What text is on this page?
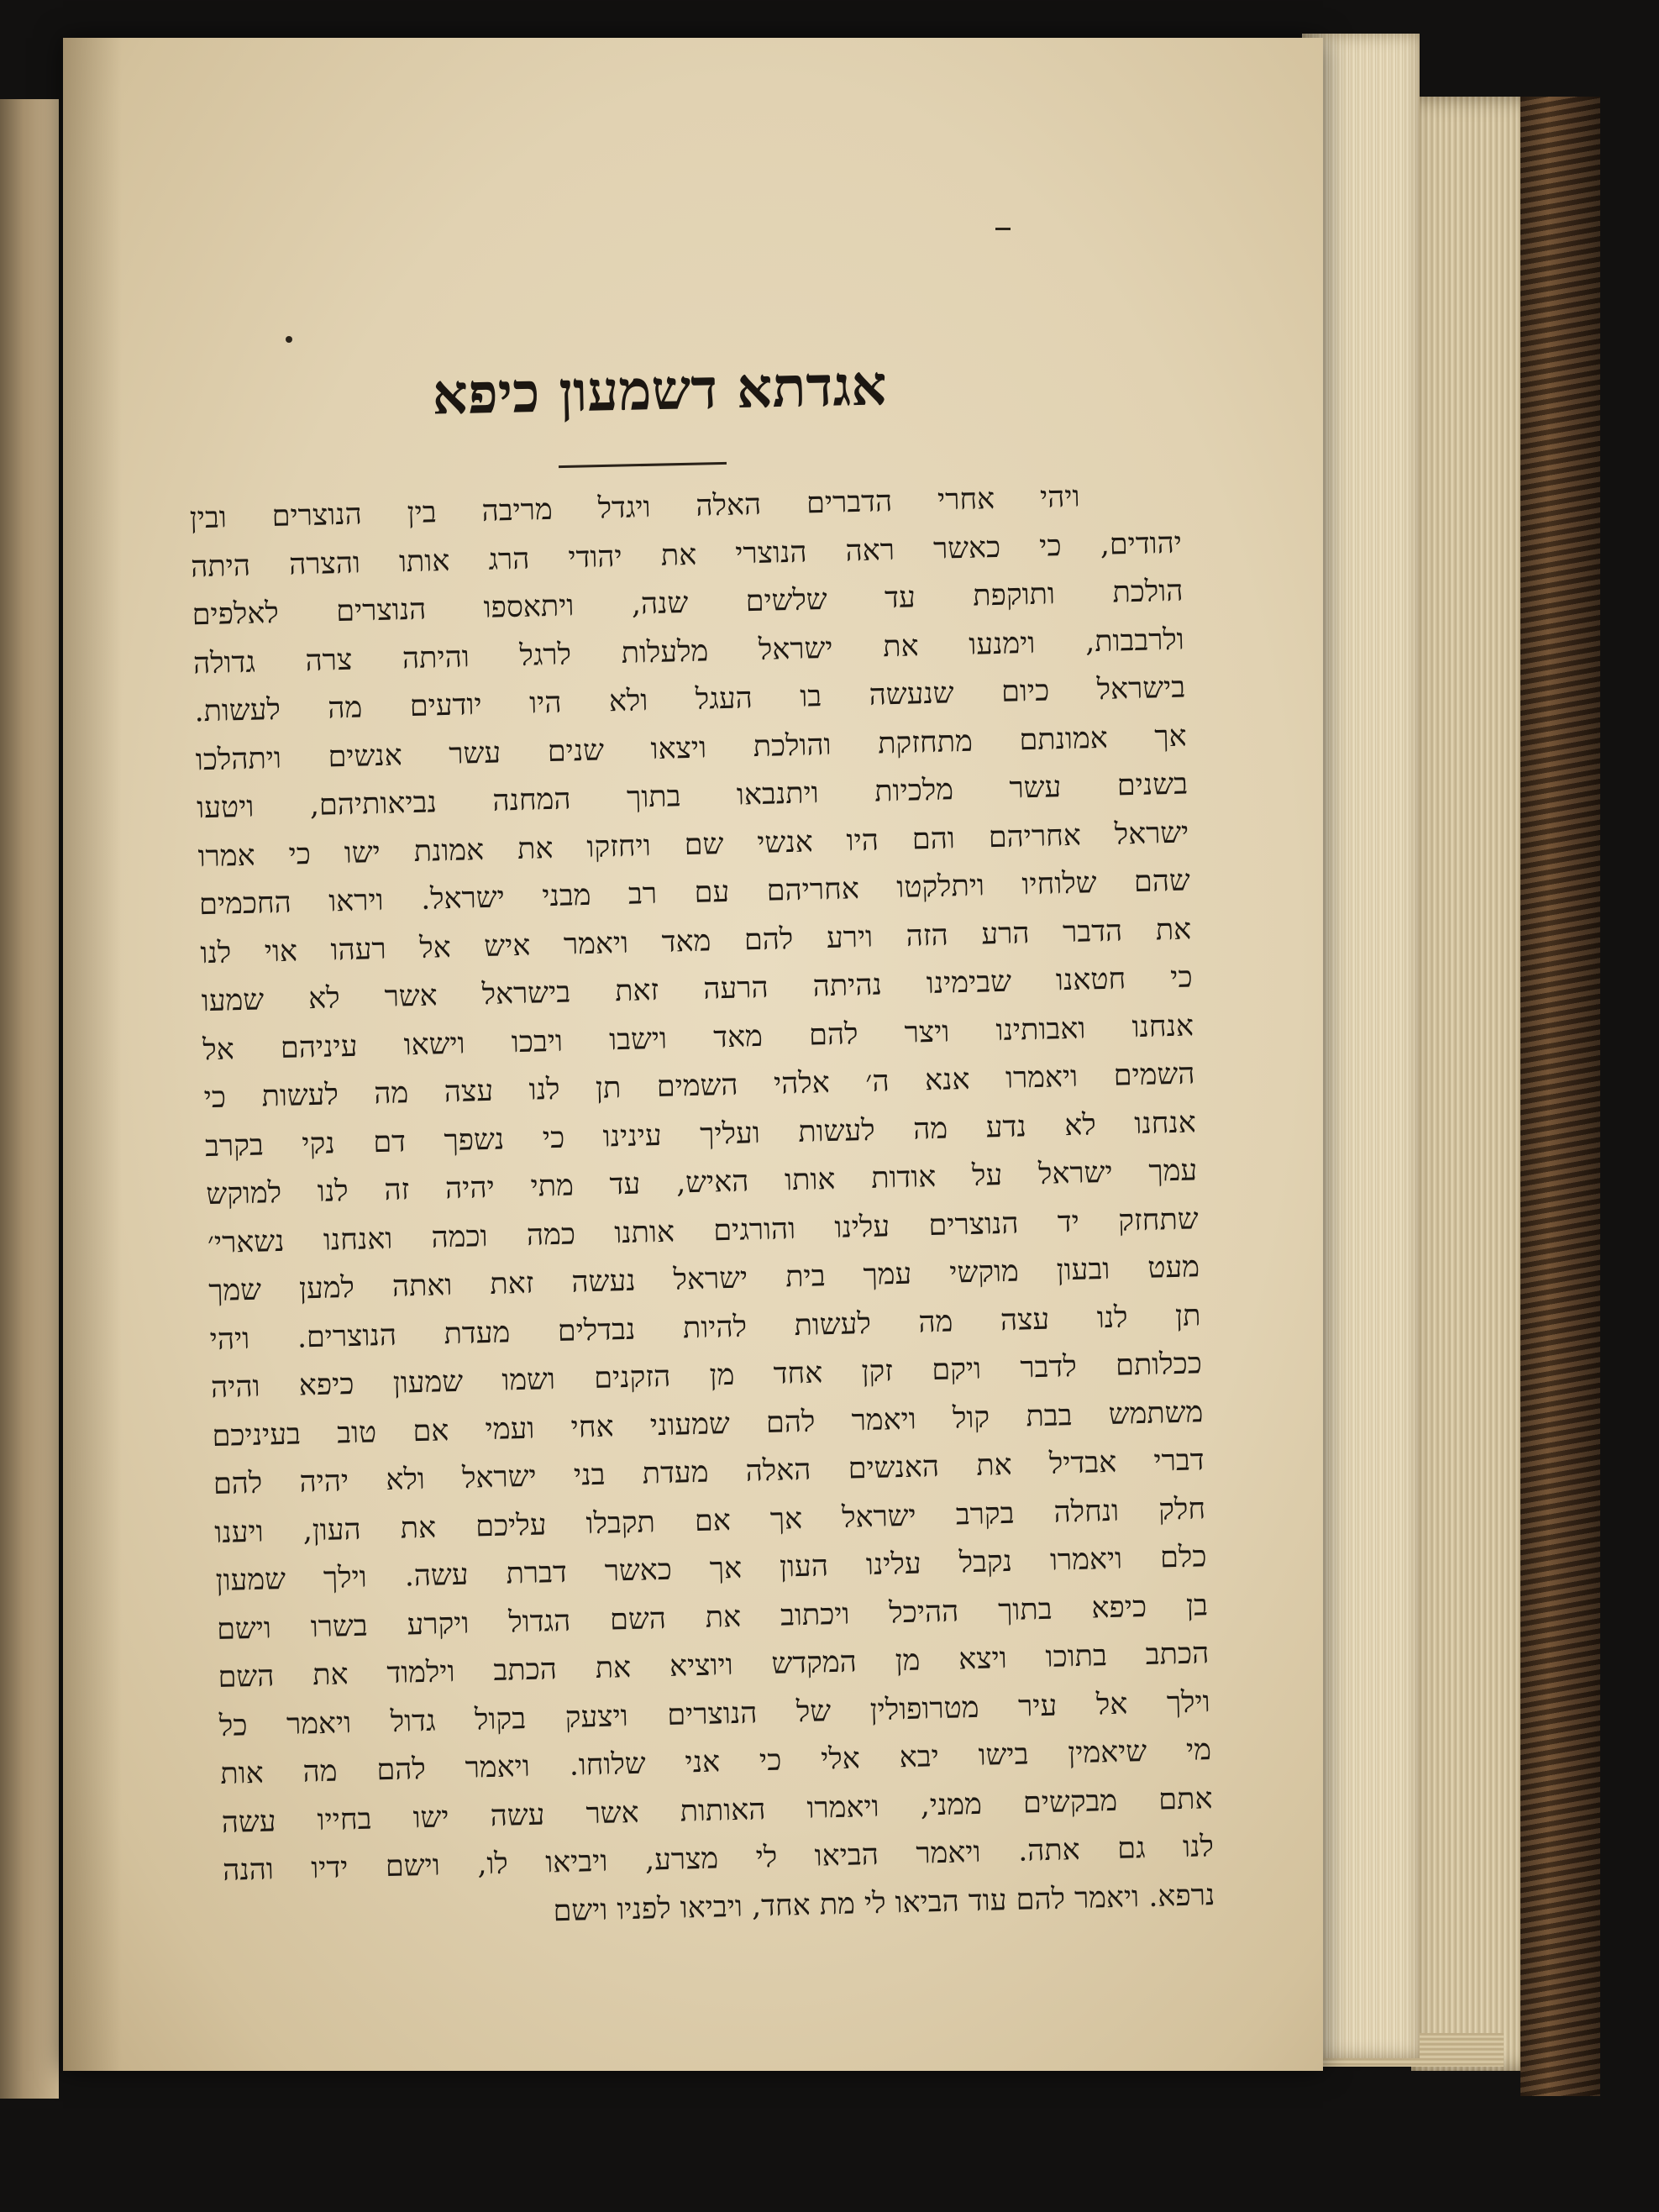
אגדתא דשמעון כיפא
ויהי אחרי הדברים האלה ויגדל מריבה בין הנוצרים ובין
יהודים, כי כאשר ראה הנוצרי את יהודי הרג אותו והצרה היתה
הולכת ותוקפת עד שלשים שנה, ויתאספו הנוצרים לאלפים
ולרבבות, וימנעו את ישראל מלעלות לרגל והיתה צרה גדולה
בישראל כיום שנעשה בו העגל ולא היו יודעים מה לעשות.
אך אמונתם מתחזקת והולכת ויצאו שנים עשר אנשים ויתהלכו
בשנים עשר מלכיות ויתנבאו בתוך המחנה נביאותיהם, ויטעו
ישראל אחריהם והם היו אנשי שם ויחזקו את אמונת ישו כי אמרו
שהם שלוחיו ויתלקטו אחריהם עם רב מבני ישראל. ויראו החכמים
את הדבר הרע הזה וירע להם מאד ויאמר איש אל רעהו אוי לנו
כי חטאנו שבימינו נהיתה הרעה זאת בישראל אשר לא שמעו
אנחנו ואבותינו ויצר להם מאד וישבו ויבכו וישאו עיניהם אל
השמים ויאמרו אנא ה׳ אלהי השמים תן לנו עצה מה לעשות כי
אנחנו לא נדע מה לעשות ועליך עינינו כי נשפך דם נקי בקרב
עמך ישראל על אודות אותו האיש, עד מתי יהיה זה לנו למוקש
שתחזק יד הנוצרים עלינו והורגים אותנו כמה וכמה ואנחנו נשארי׳
מעט ובעון מוקשי עמך בית ישראל נעשה זאת ואתה למען שמך
תן לנו עצה מה לעשות להיות נבדלים מעדת הנוצרים. ויהי
ככלותם לדבר ויקם זקן אחד מן הזקנים ושמו שמעון כיפא והיה
משתמש בבת קול ויאמר להם שמעוני אחי ועמי אם טוב בעיניכם
דברי אבדיל את האנשים האלה מעדת בני ישראל ולא יהיה להם
חלק ונחלה בקרב ישראל אך אם תקבלו עליכם את העון, ויענו
כלם ויאמרו נקבל עלינו העון אך כאשר דברת עשה. וילך שמעון
בן כיפא בתוך ההיכל ויכתוב את השם הגדול ויקרע בשרו וישם
הכתב בתוכו ויצא מן המקדש ויוציא את הכתב וילמוד את השם
וילך אל עיר מטרופולין של הנוצרים ויצעק בקול גדול ויאמר כל
מי שיאמין בישו יבא אלי כי אני שלוחו. ויאמר להם מה אות
אתם מבקשים ממני, ויאמרו האותות אשר עשה ישו בחייו עשה
לנו גם אתה. ויאמר הביאו לי מצרע, ויביאו לו, וישם ידיו והנה
נרפא. ויאמר להם עוד הביאו לי מת אחד, ויביאו לפניו וישם
